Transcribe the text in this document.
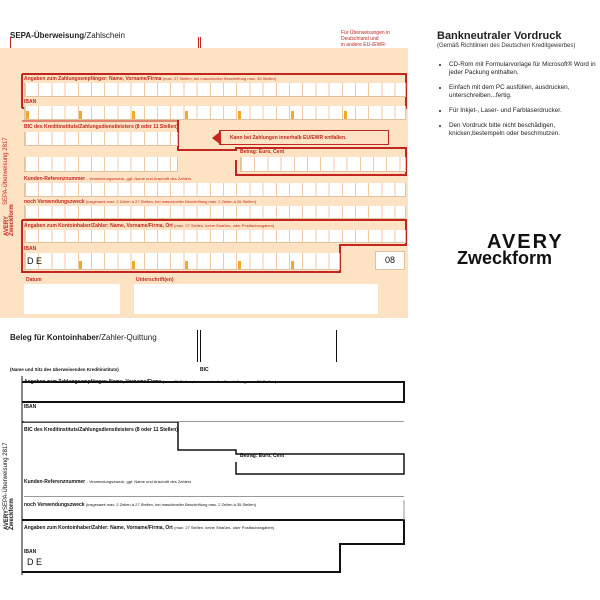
SEPA-Überweisung/Zahlschein	Für Überweisungen in
Deutschland und
in andere EU-/EWR-
Angaben zum Zahlungsempfänger: Name, Vorname/Firma (max. 27 Stellen, bei maschineller Beschriftung max. 35 Stellen)
IBAN
BIC des Kreditinstituts/Zahlungsdienstleisters (8 oder 11 Stellen)
Kann bei Zahlungen innerhalb EU/EWR entfallen.
Betrag: Euro, Cent
Kunden-Referenznummer - Verwendungszweck, ggf. Name und Anschrift des Zahlers
noch Verwendungszweck (insgesamt max. 2 Zeilen à 27 Stellen, bei maschineller Beschriftung max. 2 Zeilen à 35 Stellen)
Angaben zum Kontoinhaber/Zahler: Name, Vorname/Firma, Ort (max. 27 Stellen, keine Straßen- oder Postfachangaben)
IBAN
D E	08
Datum	Unterschrift(en)
SEPA-Überweisung 2817
AVERY Zweckform
Bankneutraler Vordruck
(Gemäß Richtlinien des Deutschen Kreditgewerbes)
• CD-Rom mit Formularvorlage für Microsoft® Word in jeder Packung enthalten.
• Einfach mit dem PC ausfüllen, ausdrucken, unterschreiben...fertig.
• Für Inkjet-, Laser- und Farblaserdrucker.
• Den Vordruck bitte nicht beschädigen, knicken,bestempeln oder beschmutzen.
AVERY
Zweckform
Beleg für Kontoinhaber/Zahler-Quittung
(Name und Sitz des überweisenden Kreditinstituts)	BIC
Angaben zum Zahlungsempfänger: Name, Vorname/Firma (max. 27 Stellen, bei maschineller Beschriftung max. 35 Stellen)
IBAN
BIC des Kreditinstituts/Zahlungsdienstleisters (8 oder 11 Stellen)
Betrag: Euro, Cent
Kunden-Referenznummer - Verwendungszweck, ggf. Name und Anschrift des Zahlers
noch Verwendungszweck (insgesamt max. 2 Zeilen à 27 Stellen, bei maschineller Beschriftung max. 2 Zeilen à 35 Stellen)
Angaben zum Kontoinhaber/Zahler: Name, Vorname/Firma, Ort (max. 27 Stellen, keine Straßen- oder Postfachangaben)
IBAN
D E
SEPA-Überweisung 2817
AVERY Zweckform
